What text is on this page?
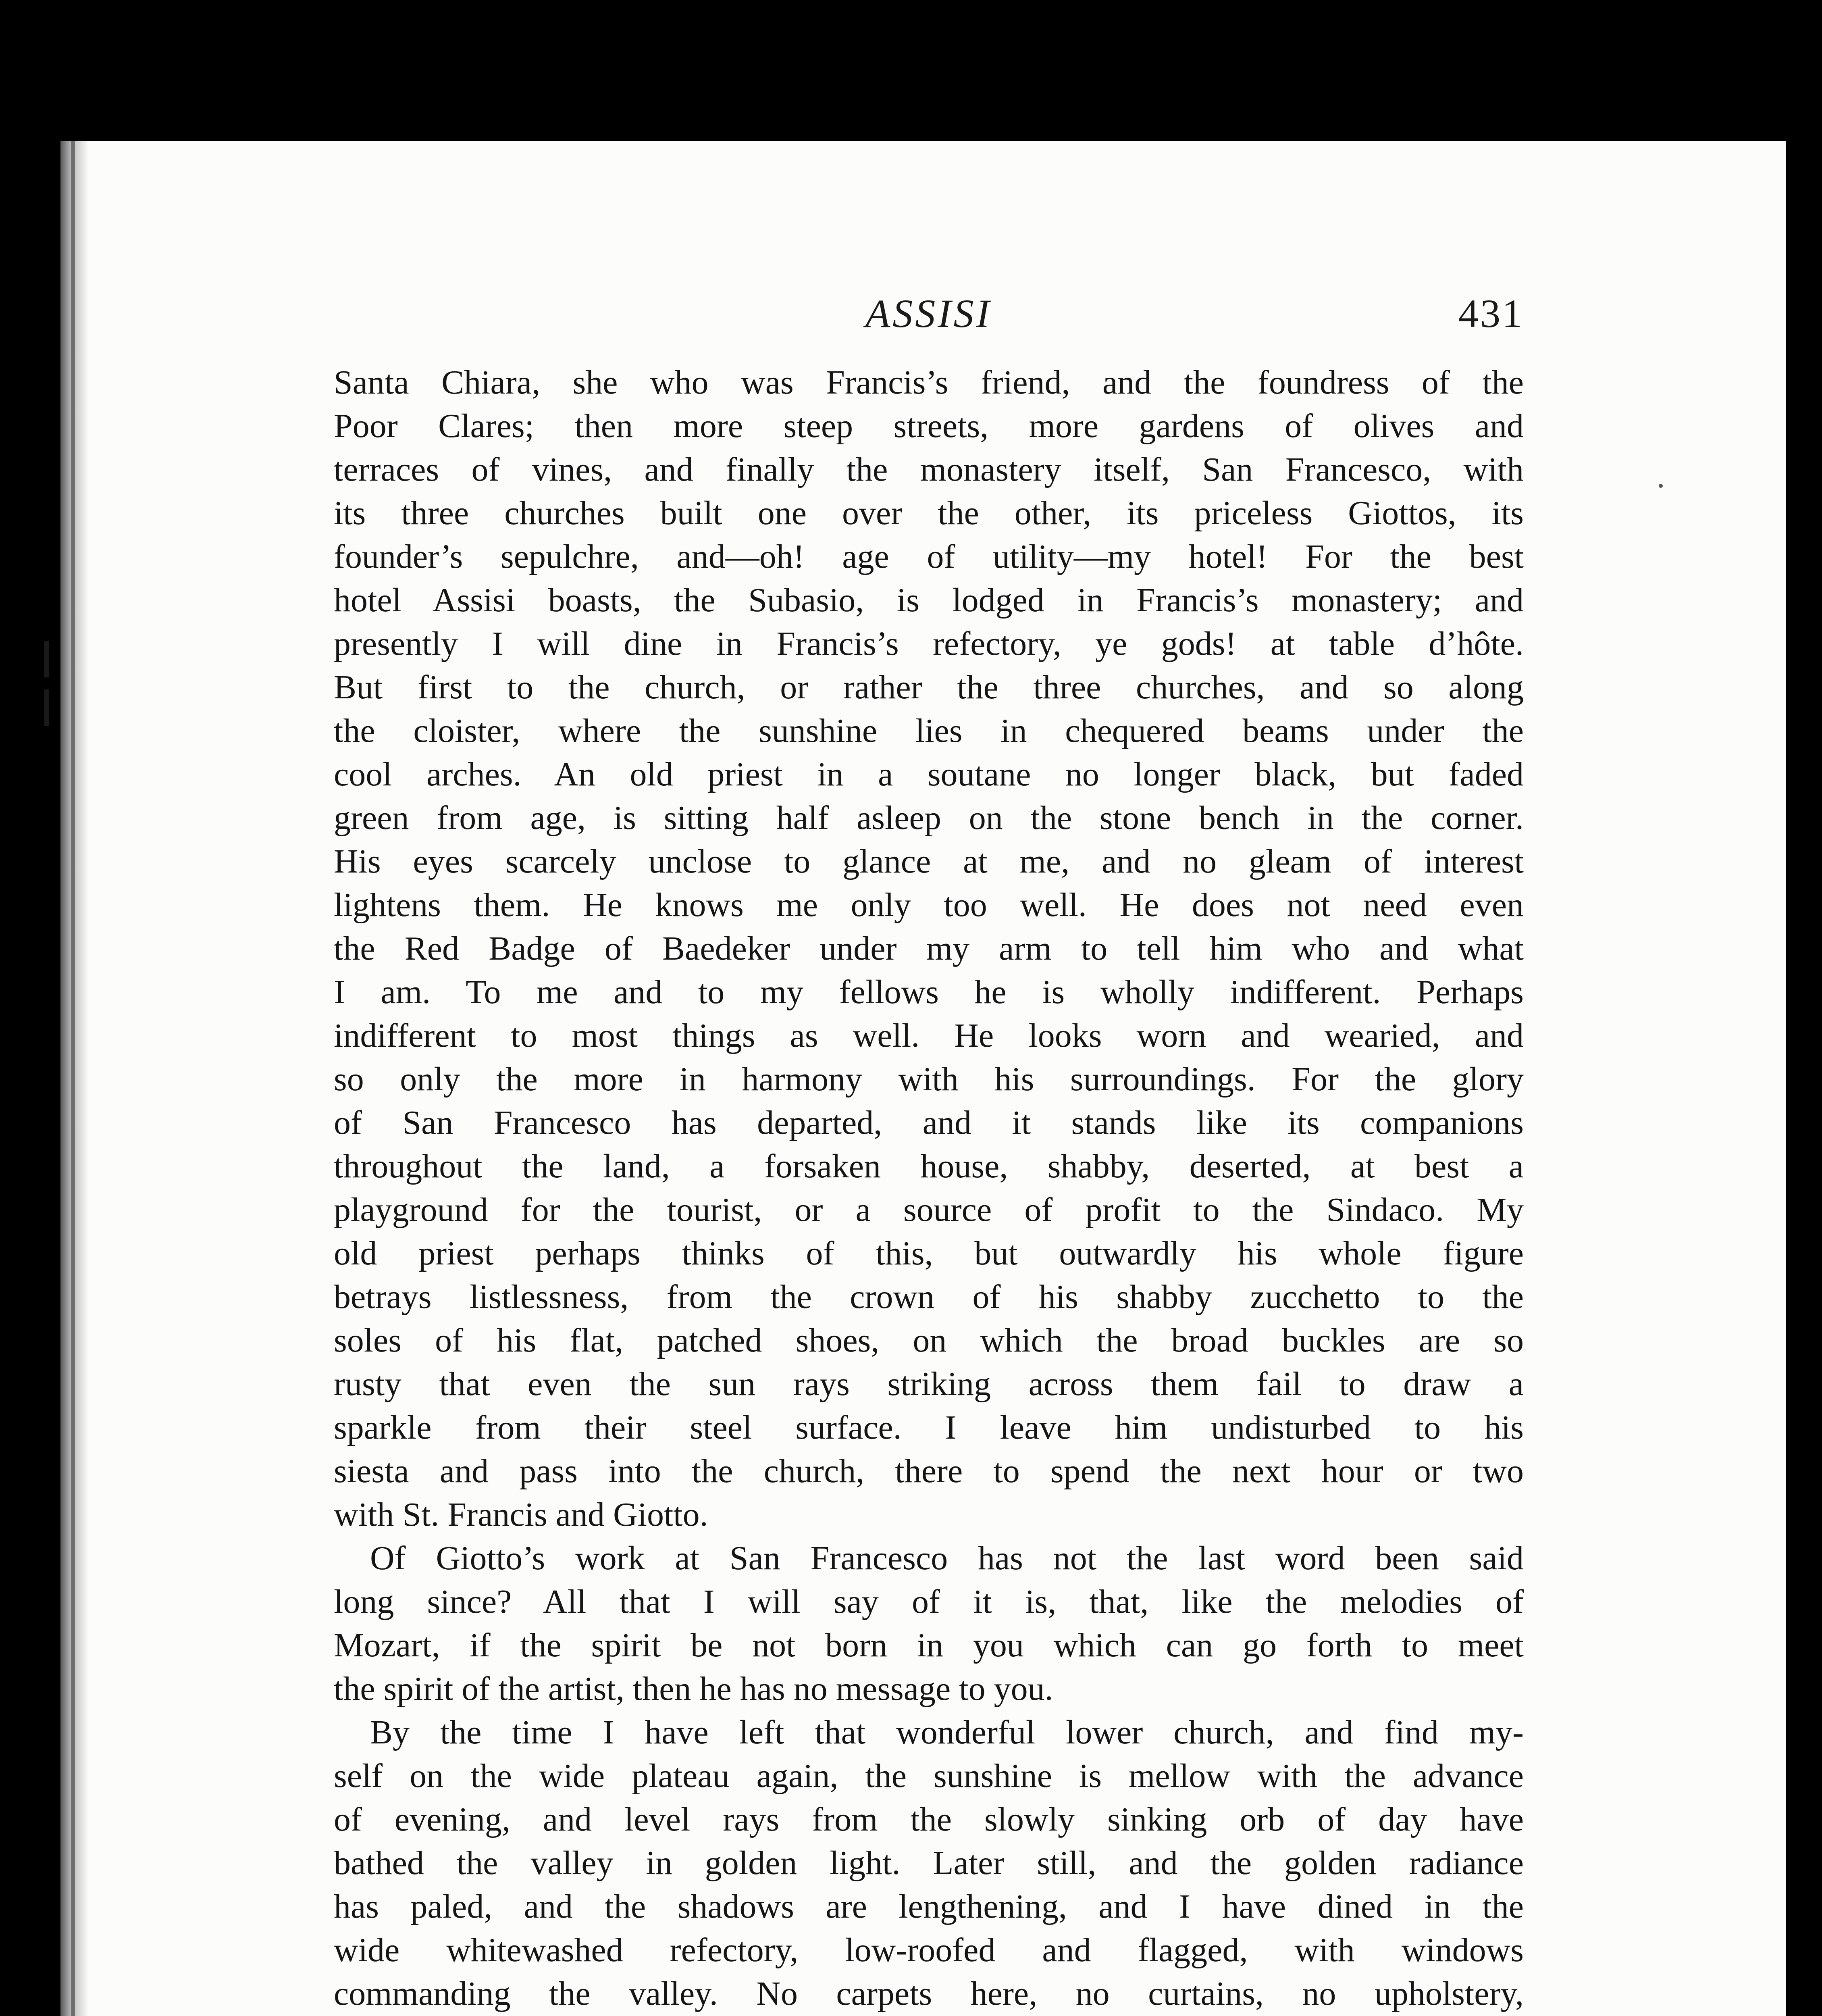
ASSISI	431
Santa Chiara, she who was Francis’s friend, and the foundress of the
Poor Clares; then more steep streets, more gardens of olives and
terraces of vines, and finally the monastery itself, San Francesco, with
its three churches built one over the other, its priceless Giottos, its
founder’s sepulchre, and—oh! age of utility—my hotel! For the best
hotel Assisi boasts, the Subasio, is lodged in Francis’s monastery; and
presently I will dine in Francis’s refectory, ye gods! at table d’hôte.
But first to the church, or rather the three churches, and so along
the cloister, where the sunshine lies in chequered beams under the
cool arches. An old priest in a soutane no longer black, but faded
green from age, is sitting half asleep on the stone bench in the corner.
His eyes scarcely unclose to glance at me, and no gleam of interest
lightens them. He knows me only too well. He does not need even
the Red Badge of Baedeker under my arm to tell him who and what
I am. To me and to my fellows he is wholly indifferent. Perhaps
indifferent to most things as well. He looks worn and wearied, and
so only the more in harmony with his surroundings. For the glory
of San Francesco has departed, and it stands like its companions
throughout the land, a forsaken house, shabby, deserted, at best a
playground for the tourist, or a source of profit to the Sindaco. My
old priest perhaps thinks of this, but outwardly his whole figure
betrays listlessness, from the crown of his shabby zucchetto to the
soles of his flat, patched shoes, on which the broad buckles are so
rusty that even the sun rays striking across them fail to draw a
sparkle from their steel surface. I leave him undisturbed to his
siesta and pass into the church, there to spend the next hour or two
with St. Francis and Giotto.
Of Giotto’s work at San Francesco has not the last word been said
long since? All that I will say of it is, that, like the melodies of
Mozart, if the spirit be not born in you which can go forth to meet
the spirit of the artist, then he has no message to you.
By the time I have left that wonderful lower church, and find my-
self on the wide plateau again, the sunshine is mellow with the advance
of evening, and level rays from the slowly sinking orb of day have
bathed the valley in golden light. Later still, and the golden radiance
has paled, and the shadows are lengthening, and I have dined in the
wide whitewashed refectory, low-roofed and flagged, with windows
commanding the valley. No carpets here, no curtains, no upholstery,
